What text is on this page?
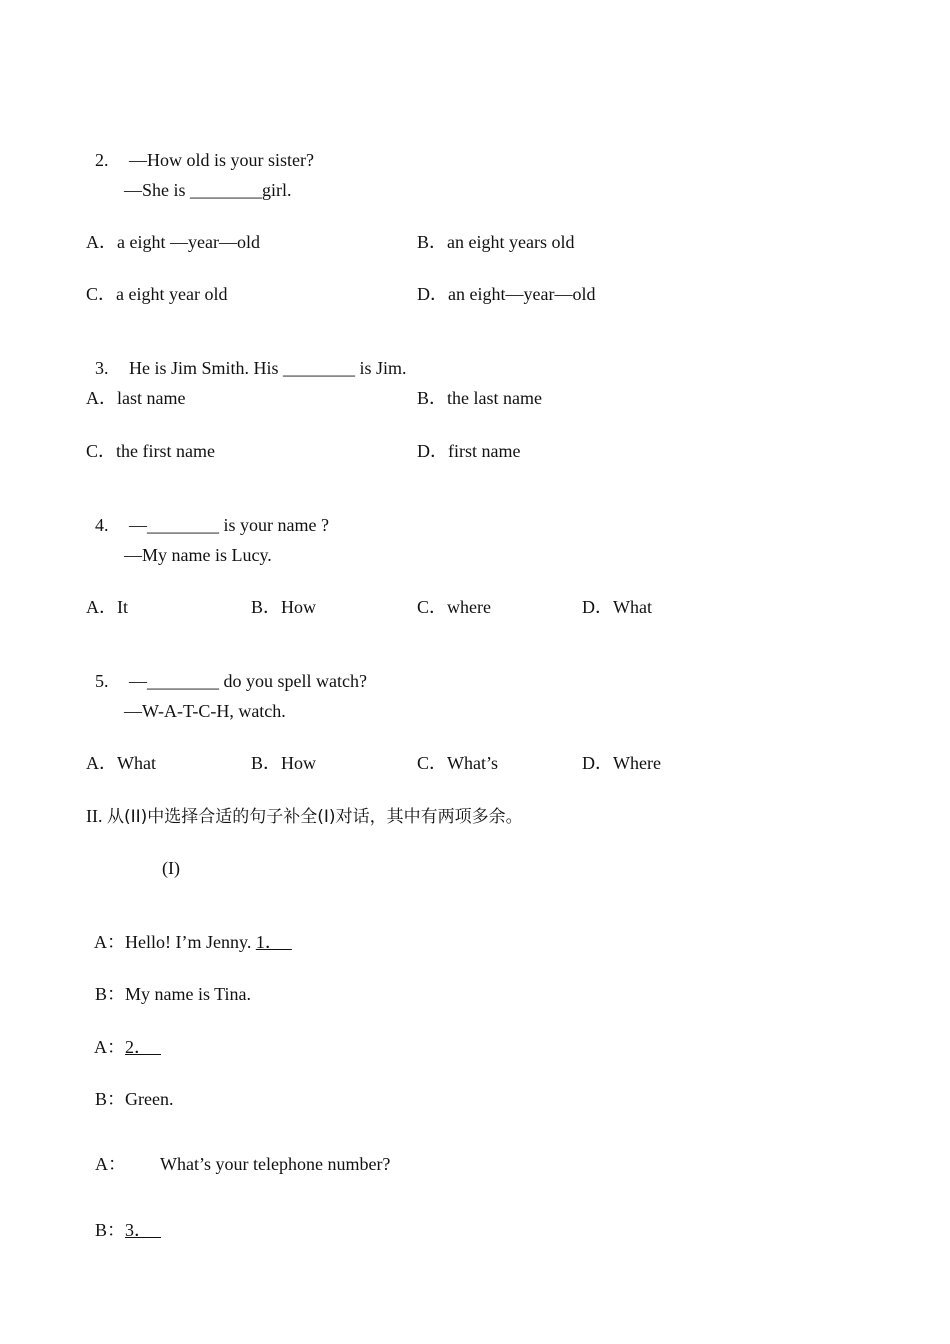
2. —How old is your sister?

—She is ________girl.
A．a eight —year—old	B．an eight years old
C．a eight year old	D．an eight—year—old

3. He is Jim Smith. His ________ is Jim.

A．last name	B．the last name
C．the first name	D．first name

4. —________ is your name ?

—My name is Lucy.
A．It	B．How	C．where	D．What

5. —________ do you spell watch?

—W-A-T-C-H, watch.
A．What	B．How	C．What’s	D．Where
II. 从(II)中选择合适的句子补全(I)对话，其中有两项多余。
(I)

A：Hello! I’m Jenny. 1．

B：My name is Tina.

A：2．

B：Green.

A： What’s your telephone number?

B：3．
